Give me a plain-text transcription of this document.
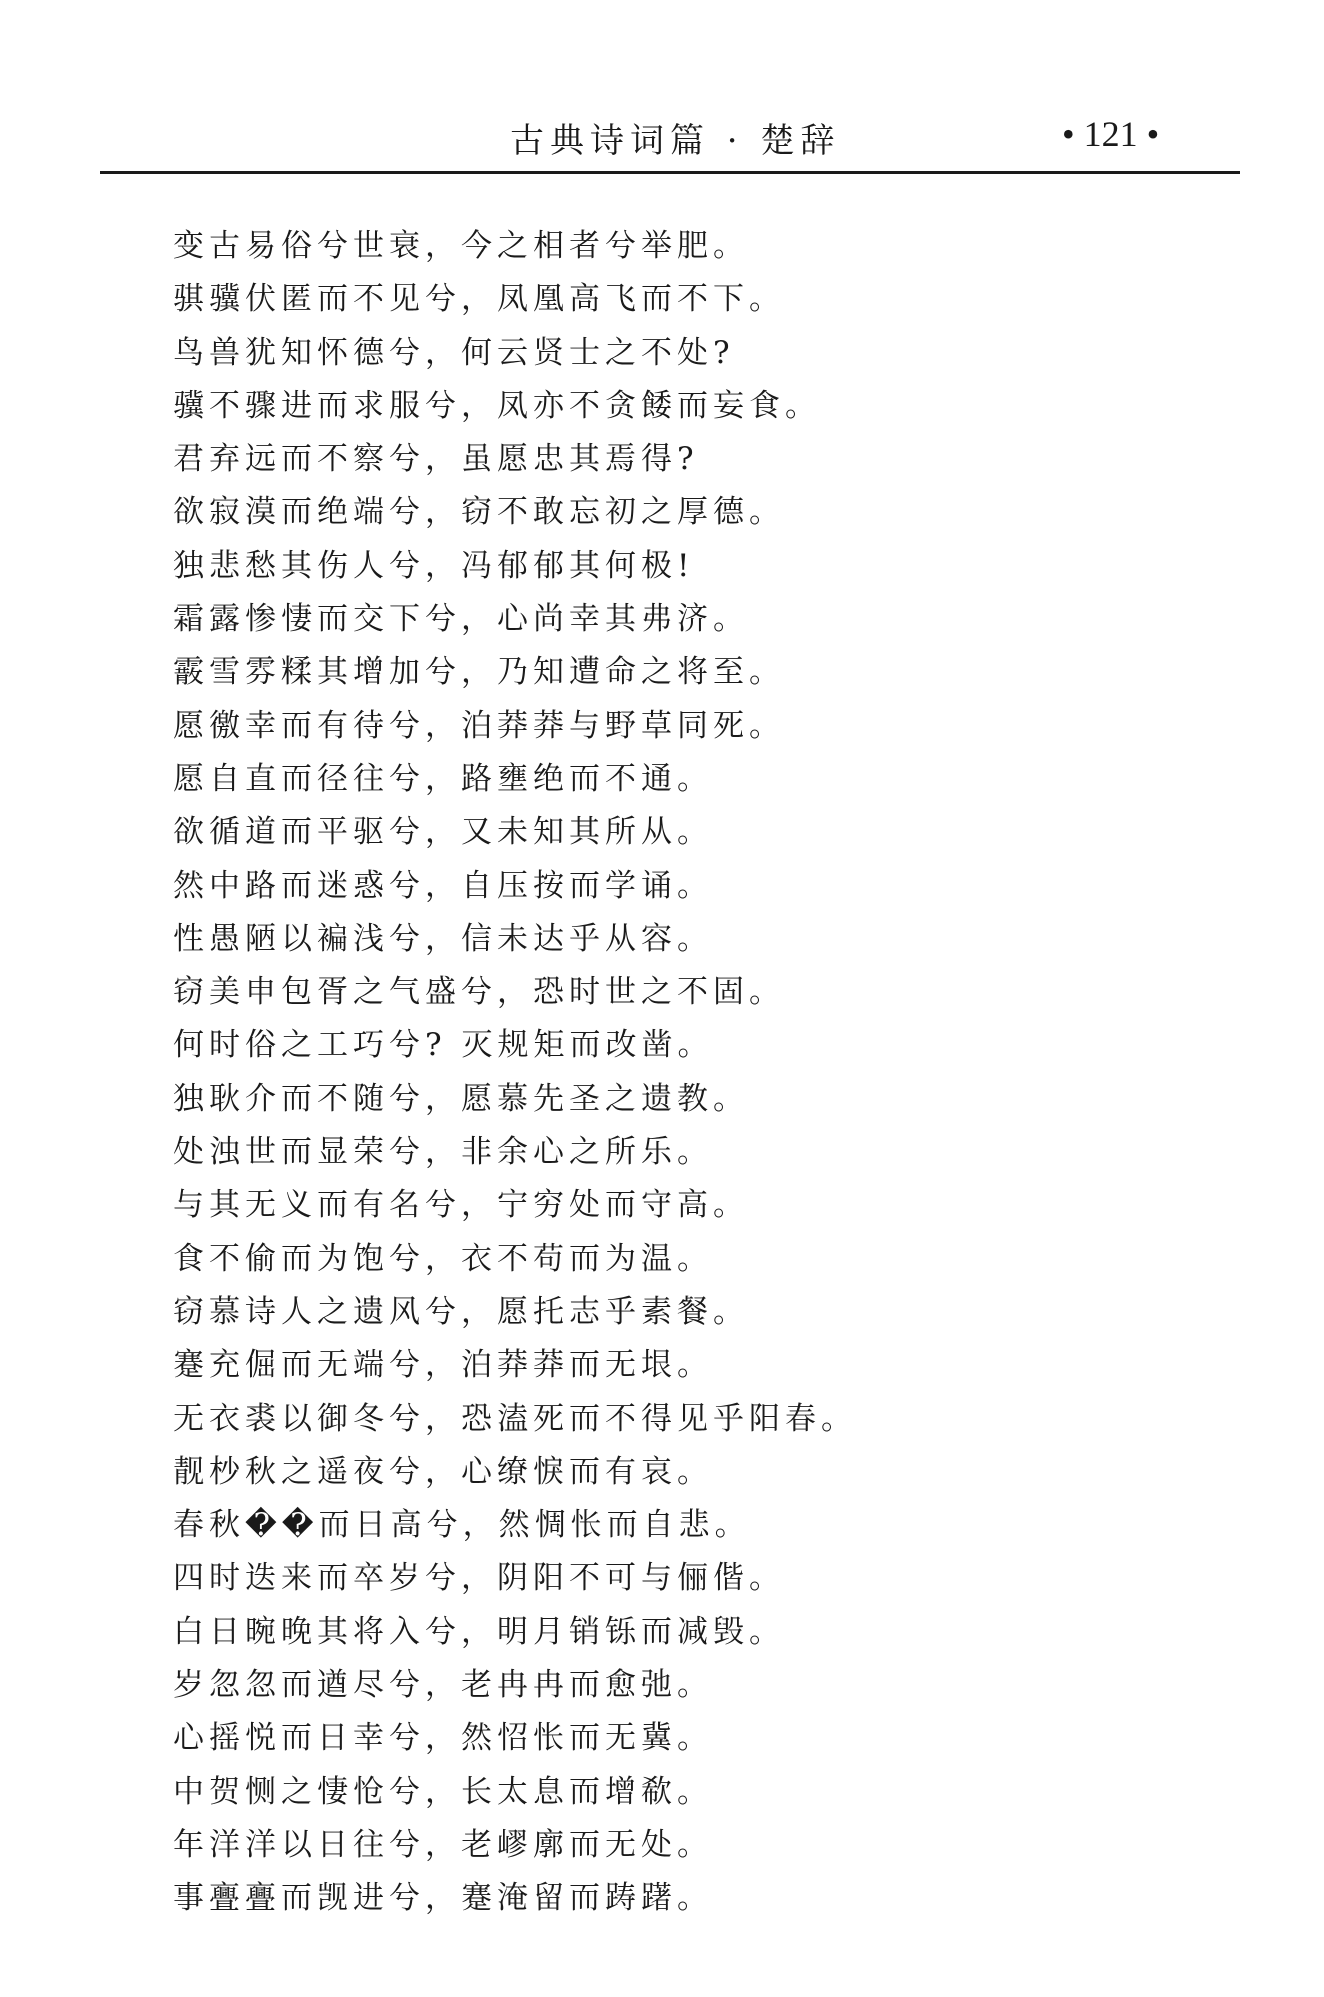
古典诗词篇 · 楚辞	• 121 •
变古易俗兮世衰，今之相者兮举肥。
骐骥伏匿而不见兮，凤凰高飞而不下。
鸟兽犹知怀德兮，何云贤士之不处?
骥不骤进而求服兮，凤亦不贪餧而妄食。
君弃远而不察兮，虽愿忠其焉得?
欲寂漠而绝端兮，窃不敢忘初之厚德。
独悲愁其伤人兮，冯郁郁其何极!
霜露惨悽而交下兮，心尚幸其弗济。
霰雪雰糅其增加兮，乃知遭命之将至。
愿徼幸而有待兮，泊莽莽与野草同死。
愿自直而径往兮，路壅绝而不通。
欲循道而平驱兮，又未知其所从。
然中路而迷惑兮，自压按而学诵。
性愚陋以褊浅兮，信未达乎从容。
窃美申包胥之气盛兮，恐时世之不固。
何时俗之工巧兮? 灭规矩而改凿。
独耿介而不随兮，愿慕先圣之遗教。
处浊世而显荣兮，非余心之所乐。
与其无义而有名兮，宁穷处而守高。
食不偷而为饱兮，衣不苟而为温。
窃慕诗人之遗风兮，愿托志乎素餐。
蹇充倔而无端兮，泊莽莽而无垠。
无衣裘以御冬兮，恐溘死而不得见乎阳春。
靓杪秋之遥夜兮，心缭悷而有哀。
春秋��而日高兮，然惆怅而自悲。
四时迭来而卒岁兮，阴阳不可与俪偕。
白日晼晚其将入兮，明月销铄而减毁。
岁忽忽而遒尽兮，老冉冉而愈弛。
心摇悦而日幸兮，然怊怅而无冀。
中贺恻之悽怆兮，长太息而增欷。
年洋洋以日往兮，老嵺廓而无处。
事亹亹而觊进兮，蹇淹留而踌躇。
